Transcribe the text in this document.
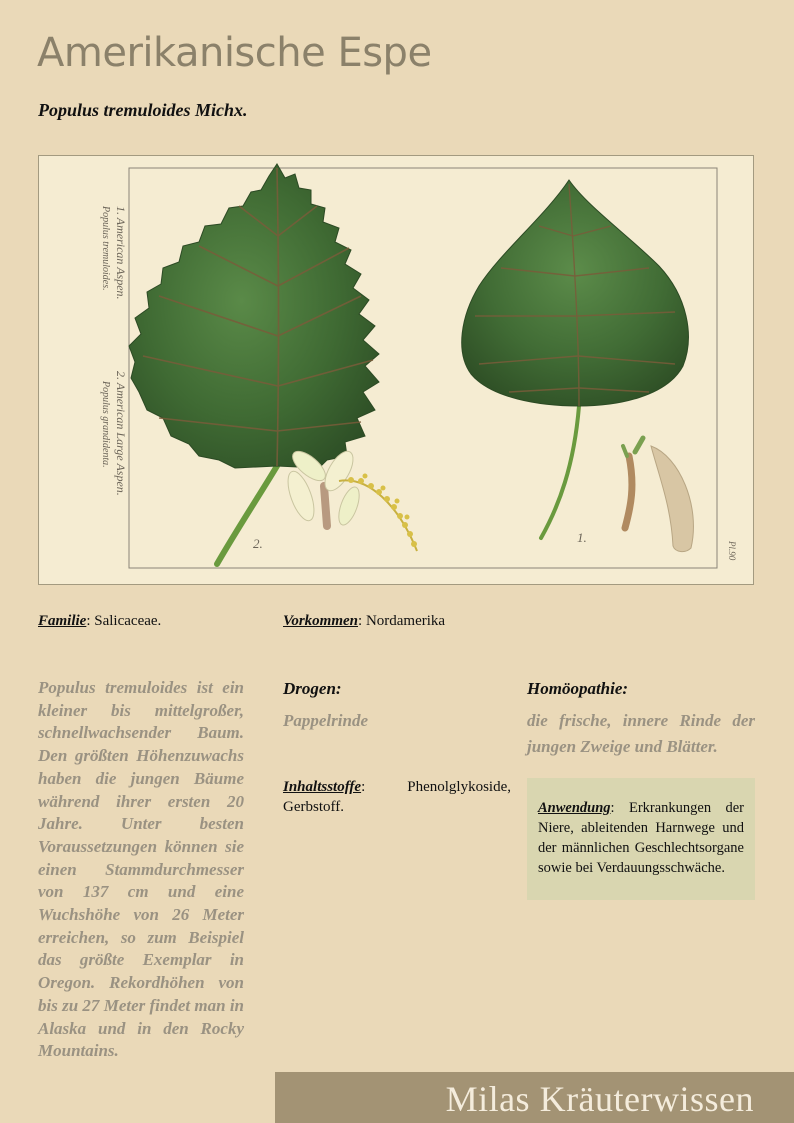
Amerikanische Espe
Populus tremuloides Michx.
1. American Aspen.
Populus tremuloides.
2. American Large Aspen.
Populus grandidenta.
Pl.90
1.
2.
Familie: Salicaceae.	Vorkommen: Nordamerika

Populus tremuloides ist ein kleiner bis mittelgroßer, schnellwachsender Baum. Den größten Höhenzuwachs haben die jungen Bäume während ihrer ersten 20 Jahre. Unter besten Voraussetzungen können sie einen Stammdurchmesser von 137 cm und eine Wuchshöhe von 26 Meter erreichen, so zum Beispiel das größte Exemplar in Oregon. Rekordhöhen von bis zu 27 Meter findet man in Alaska und in den Rocky Mountains.

Drogen:

Pappelrinde

Homöopathie:

die frische, innere Rinde der jungen Zweige und Blätter.

Inhaltsstoffe:	Phenolglykoside,
Gerbstoff.	Anwendung: Erkrankungen der Niere, ableitenden Harnwege und der männlichen Geschlechtsorgane sowie bei Verdauungsschwäche.
Milas Kräuterwissen
